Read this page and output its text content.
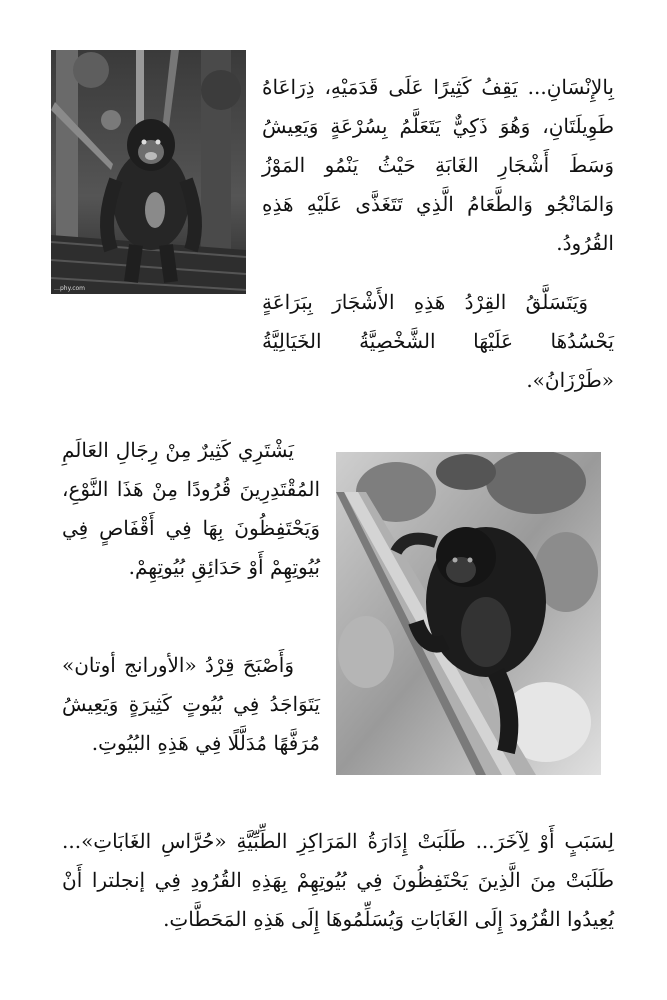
…phy.com

بِالإِنْسَانِ... يَقِفُ كَثِيرًا عَلَى قَدَمَيْهِ، ذِرَاعَاهُ طَوِيلَتَانِ، وَهُوَ ذَكِيٌّ يَتَعَلَّمُ بِسُرْعَةٍ وَيَعِيشُ وَسَطَ أَشْجَارِ الغَابَةِ حَيْثُ يَنْمُو المَوْزُ وَالمَانْجُو وَالطَّعَامُ الَّذِي تَتَغَذَّى عَلَيْهِ هَذِهِ القُرُودُ.

وَيَتَسَلَّقُ القِرْدُ هَذِهِ الأَشْجَارَ بِبَرَاعَةٍ يَحْسُدُهَا عَلَيْهَا الشَّخْصِيَّةُ الخَيَالِيَّةُ «طَرْزَانُ».

يَشْتَرِي كَثِيرٌ مِنْ رِجَالِ العَالَمِ المُقْتَدِرِينَ قُرُودًا مِنْ هَذَا النَّوْعِ، وَيَحْتَفِظُونَ بِهَا فِي أَقْفَاصٍ فِي بُيُوتِهِمْ أَوْ حَدَائِقِ بُيُوتِهِمْ.

وَأَصْبَحَ قِرْدُ «الأورانج أوتان» يَتَوَاجَدُ فِي بُيُوتٍ كَثِيرَةٍ وَيَعِيشُ مُرَفَّهًا مُدَلَّلًا فِي هَذِهِ البُيُوتِ.

لِسَبَبٍ أَوْ لِآخَرَ... طَلَبَتْ إِدَارَةُ المَرَاكِزِ الطِّبِّيَّةِ «حُرَّاسِ الغَابَاتِ»... طَلَبَتْ مِنَ الَّذِينَ يَحْتَفِظُونَ فِي بُيُوتِهِمْ بِهَذِهِ القُرُودِ فِي إنجلترا أَنْ يُعِيدُوا القُرُودَ إِلَى الغَابَاتِ وَيُسَلِّمُوهَا إِلَى هَذِهِ المَحَطَّاتِ.
